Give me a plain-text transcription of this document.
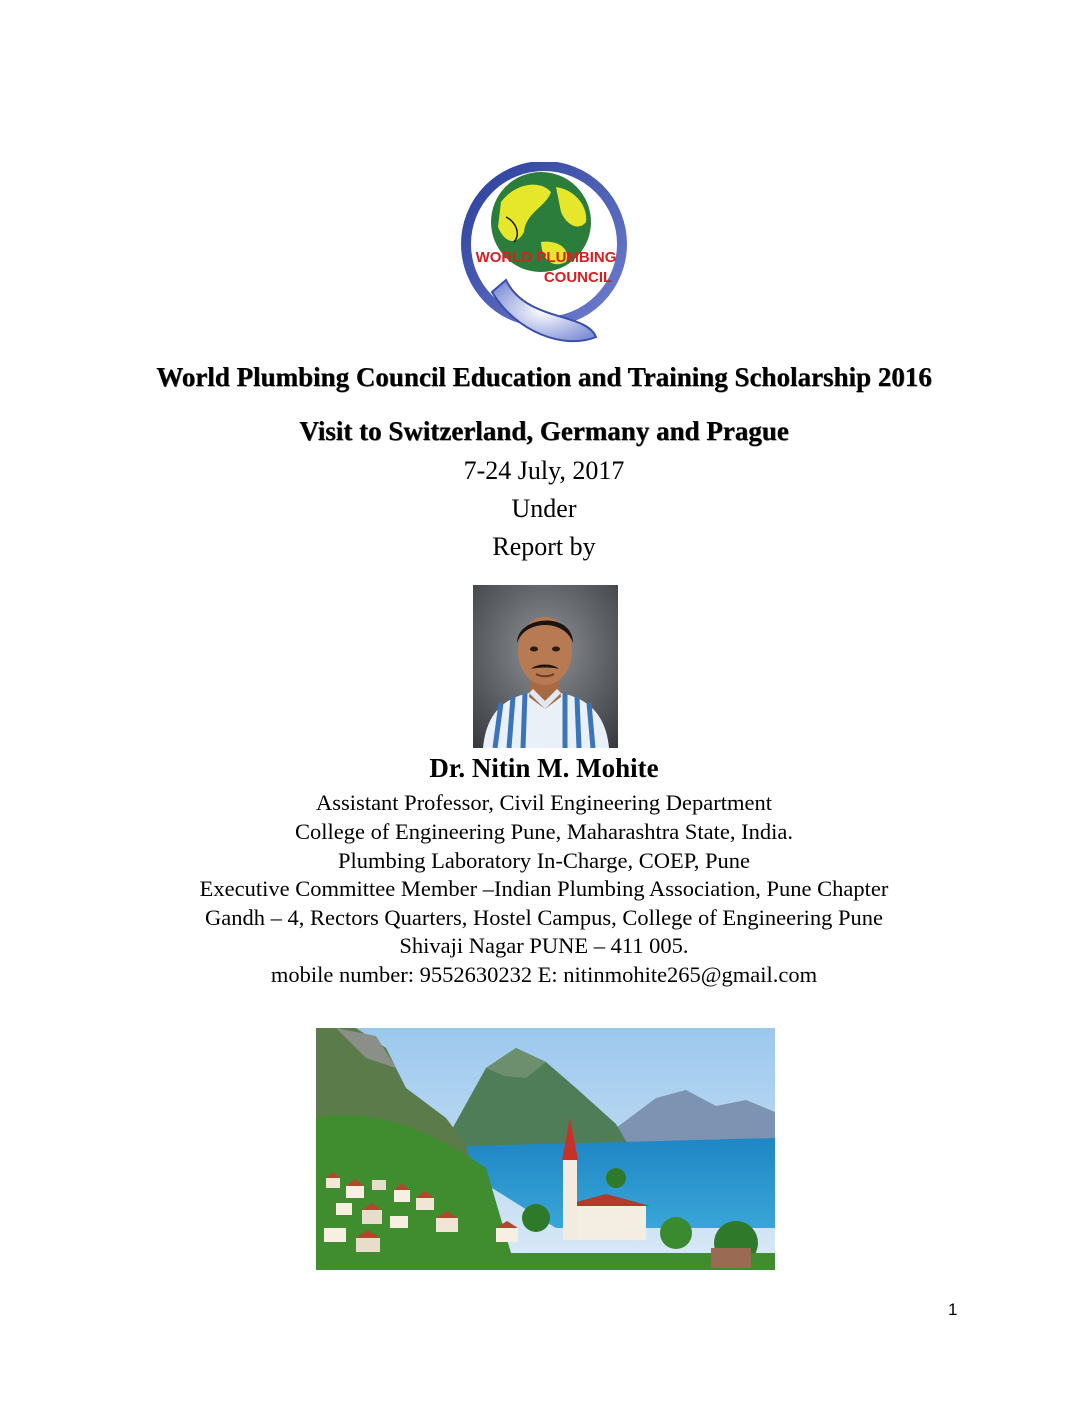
WORLD PLUMBING
COUNCIL
World Plumbing Council Education and Training Scholarship 2016
Visit to Switzerland, Germany and Prague
7-24 July, 2017
Under
Report by
Dr. Nitin M. Mohite
Assistant Professor, Civil Engineering Department
College of Engineering Pune, Maharashtra State, India.
Plumbing Laboratory In-Charge, COEP, Pune
Executive Committee Member –Indian Plumbing Association, Pune Chapter
Gandh – 4, Rectors Quarters, Hostel Campus, College of Engineering Pune
Shivaji Nagar PUNE – 411 005.
mobile number: 9552630232 E: nitinmohite265@gmail.com
1
